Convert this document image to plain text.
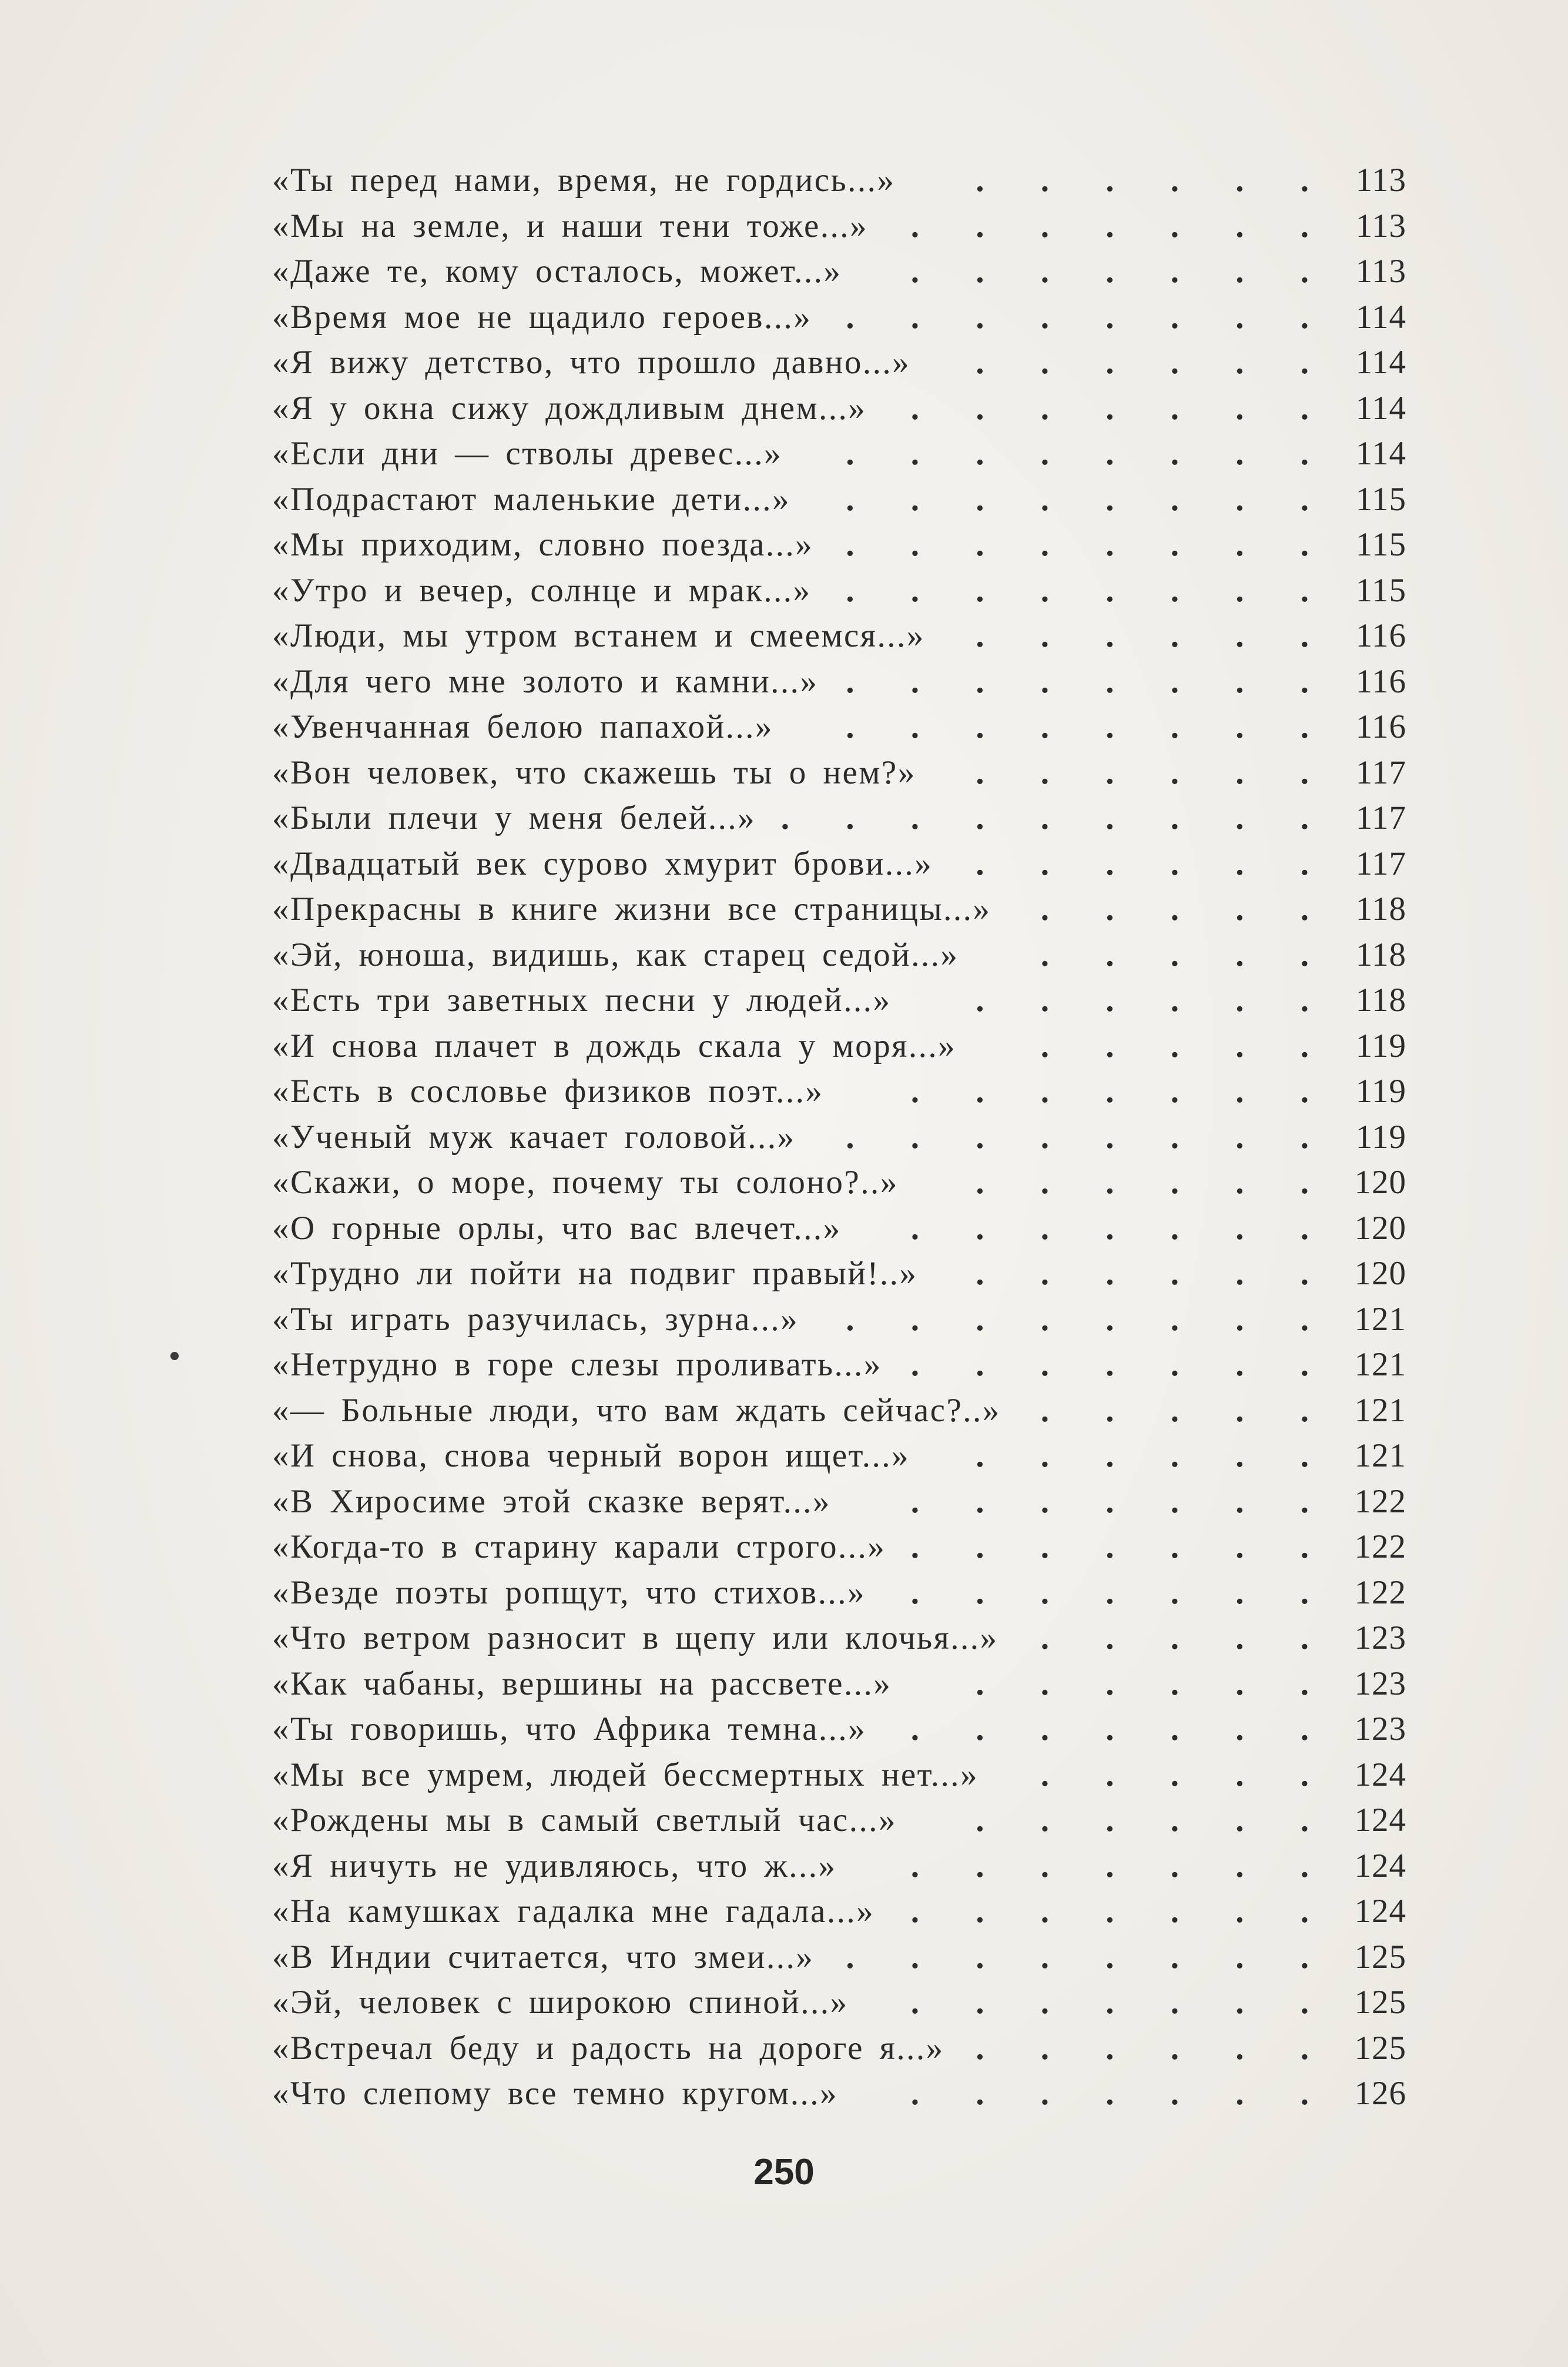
. . . . . .
«Ты перед нами, время, не гордись...»	113
. . . . . . .
«Мы на земле, и наши тени тоже...»	113
. . . . . . .
«Даже те, кому осталось, может...»	113
. . . . . . . .
«Время мое не щадило героев...»	114
. . . . . .
«Я вижу детство, что прошло давно...»	114
. . . . . . .
«Я у окна сижу дождливым днем...»	114
. . . . . . . .
«Если дни — стволы древес...»	114
. . . . . . . .
«Подрастают маленькие дети...»	115
. . . . . . . .
«Мы приходим, словно поезда...»	115
. . . . . . . .
«Утро и вечер, солнце и мрак...»	115
. . . . . .
«Люди, мы утром встанем и смеемся...»	116
. . . . . . . .
«Для чего мне золото и камни...»	116
. . . . . . . .
«Увенчанная белою папахой...»	116
. . . . . .
«Вон человек, что скажешь ты о нем?»	117
. . . . . . . . .
«Были плечи у меня белей...»	117
. . . . . .
«Двадцатый век сурово хмурит брови...»	117
. . . . .
«Прекрасны в книге жизни все страницы...»	118
. . . . .
«Эй, юноша, видишь, как старец седой...»	118
. . . . . .
«Есть три заветных песни у людей...»	118
. . . . .
«И снова плачет в дождь скала у моря...»	119
. . . . . . .
«Есть в сословье физиков поэт...»	119
. . . . . . . .
«Ученый муж качает головой...»	119
. . . . . .
«Скажи, о море, почему ты солоно?..»	120
. . . . . . .
«О горные орлы, что вас влечет...»	120
. . . . . .
«Трудно ли пойти на подвиг правый!..»	120
. . . . . . . .
«Ты играть разучилась, зурна...»	121
. . . . . . .
«Нетрудно в горе слезы проливать...»	121
. . . . .
«— Больные люди, что вам ждать сейчас?..»	121
. . . . . .
«И снова, снова черный ворон ищет...»	121
. . . . . . .
«В Хиросиме этой сказке верят...»	122
. . . . . . .
«Когда-то в старину карали строго...»	122
. . . . . . .
«Везде поэты ропщут, что стихов...»	122
. . . . .
«Что ветром разносит в щепу или клочья...»	123
. . . . . .
«Как чабаны, вершины на рассвете...»	123
. . . . . . .
«Ты говоришь, что Африка темна...»	123
. . . . .
«Мы все умрем, людей бессмертных нет...»	124
. . . . . .
«Рождены мы в самый светлый час...»	124
. . . . . . .
«Я ничуть не удивляюсь, что ж...»	124
. . . . . . .
«На камушках гадалка мне гадала...»	124
. . . . . . . .
«В Индии считается, что змеи...»	125
. . . . . . .
«Эй, человек с широкою спиной...»	125
. . . . . .
«Встречал беду и радость на дороге я...»	125
. . . . . . .
«Что слепому все темно кругом...»	126
250
